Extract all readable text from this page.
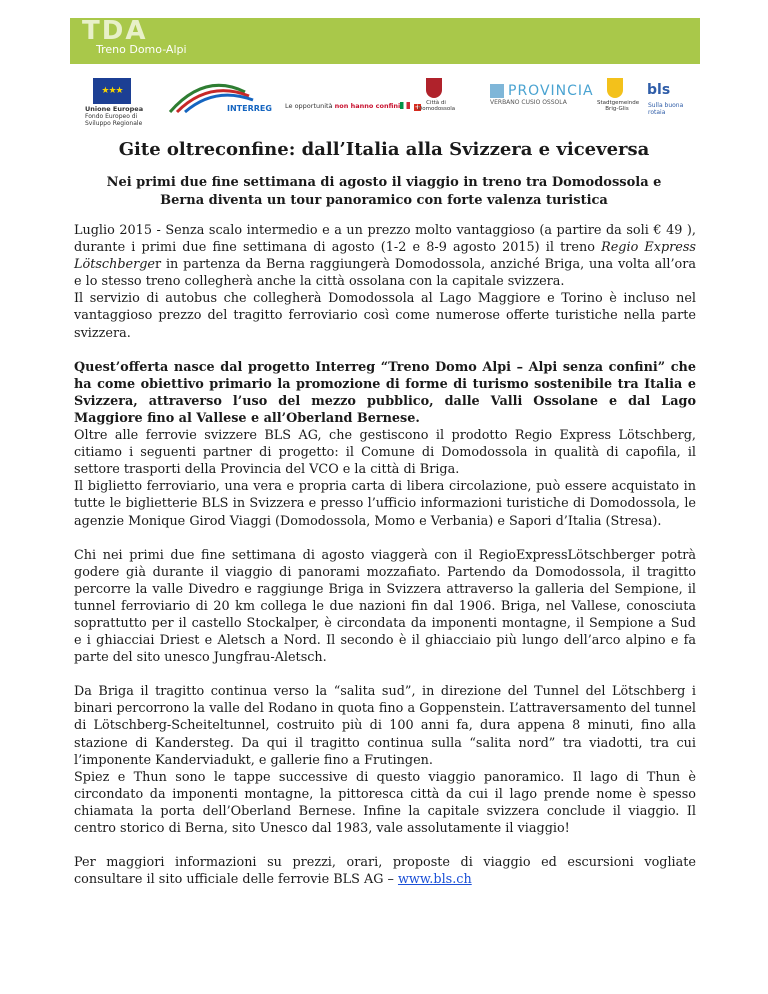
TDA
Treno Domo-Alpi
★★★
Unione Europea
Fondo Europeo di Sviluppo Regionale
INTERREG Le opportunità non hanno confini	+	Città di Domodossola
PROVINCIA
VERBANO CUSIO OSSOLA	Stadtgemeinde Brig-Glis
bls
Sulla buona rotaia
Gite oltreconfine: dall’Italia alla Svizzera e viceversa
Nei primi due fine settimana di agosto il viaggio in treno tra Domodossola e Berna diventa un tour panoramico con forte valenza turistica

Luglio 2015 - Senza scalo intermedio e a un prezzo molto vantaggioso (a partire da soli € 49 ), durante i primi due fine settimana di agosto (1-2 e 8-9 agosto 2015) il treno Regio Express Lötschberger in partenza da Berna raggiungerà Domodossola, anziché Briga, una volta all’ora e lo stesso treno collegherà anche la città ossolana con la capitale svizzera.

Il servizio di autobus che collegherà Domodossola al Lago Maggiore e Torino è incluso nel vantaggioso prezzo del tragitto ferroviario così come numerose offerte turistiche nella parte svizzera.

Quest’offerta nasce dal progetto Interreg “Treno Domo Alpi – Alpi senza confini” che ha come obiettivo primario la promozione di forme di turismo sostenibile tra Italia e Svizzera, attraverso l’uso del mezzo pubblico, dalle Valli Ossolane e dal Lago Maggiore fino al Vallese e all’Oberland Bernese.

Oltre alle ferrovie svizzere BLS AG, che gestiscono il prodotto Regio Express Lötschberg, citiamo i seguenti partner di progetto: il Comune di Domodossola in qualità di capofila, il settore trasporti della Provincia del VCO e la città di Briga.

Il biglietto ferroviario, una vera e propria carta di libera circolazione, può essere acquistato in tutte le biglietterie BLS in Svizzera e presso l’ufficio informazioni turistiche di Domodossola, le agenzie Monique Girod Viaggi (Domodossola, Momo e Verbania) e Sapori d’Italia (Stresa).

Chi nei primi due fine settimana di agosto viaggerà con il RegioExpressLötschberger potrà godere già durante il viaggio di panorami mozzafiato. Partendo da Domodossola, il tragitto percorre la valle Divedro e raggiunge Briga in Svizzera attraverso la galleria del Sempione, il tunnel ferroviario di 20 km collega le due nazioni fin dal 1906. Briga, nel Vallese, conosciuta soprattutto per il castello Stockalper, è circondata da imponenti montagne, il Sempione a Sud e i ghiacciai Driest e Aletsch a Nord. Il secondo è il ghiacciaio più lungo dell’arco alpino e fa parte del sito unesco Jungfrau-Aletsch.

Da Briga il tragitto continua verso la “salita sud”, in direzione del Tunnel del Lötschberg i binari percorrono la valle del Rodano in quota fino a Goppenstein. L’attraversamento del tunnel di Lötschberg-Scheiteltunnel, costruito più di 100 anni fa, dura appena 8 minuti, fino alla stazione di Kandersteg. Da qui il tragitto continua sulla “salita nord” tra viadotti, tra cui l’imponente Kanderviadukt, e gallerie fino a Frutingen.

Spiez e Thun sono le tappe successive di questo viaggio panoramico. Il lago di Thun è circondato da imponenti montagne, la pittoresca città da cui il lago prende nome è spesso chiamata la porta dell’Oberland Bernese. Infine la capitale svizzera conclude il viaggio. Il centro storico di Berna, sito Unesco dal 1983, vale assolutamente il viaggio!

Per maggiori informazioni su prezzi, orari, proposte di viaggio ed escursioni vogliate consultare il sito ufficiale delle ferrovie BLS AG – www.bls.ch
